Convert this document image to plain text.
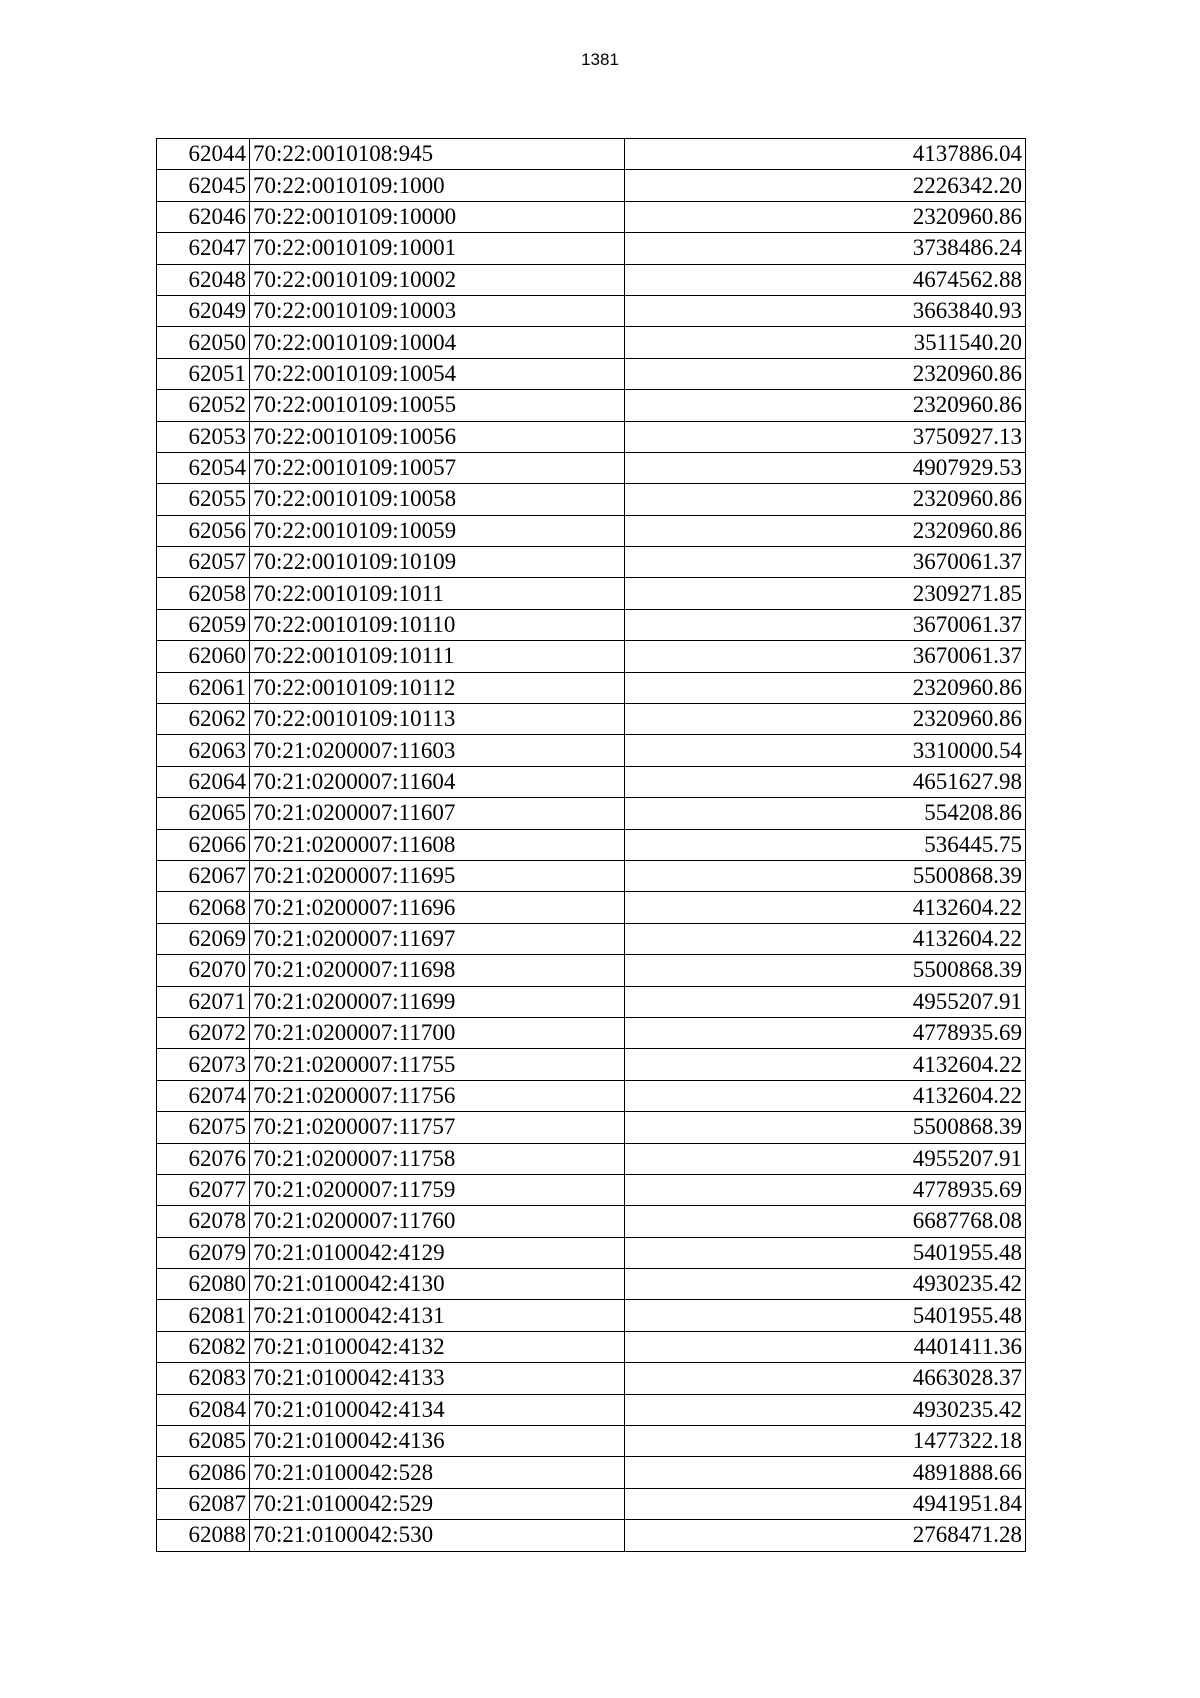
1381
62044	70:22:0010108:945	4137886.04
62045	70:22:0010109:1000	2226342.20
62046	70:22:0010109:10000	2320960.86
62047	70:22:0010109:10001	3738486.24
62048	70:22:0010109:10002	4674562.88
62049	70:22:0010109:10003	3663840.93
62050	70:22:0010109:10004	3511540.20
62051	70:22:0010109:10054	2320960.86
62052	70:22:0010109:10055	2320960.86
62053	70:22:0010109:10056	3750927.13
62054	70:22:0010109:10057	4907929.53
62055	70:22:0010109:10058	2320960.86
62056	70:22:0010109:10059	2320960.86
62057	70:22:0010109:10109	3670061.37
62058	70:22:0010109:1011	2309271.85
62059	70:22:0010109:10110	3670061.37
62060	70:22:0010109:10111	3670061.37
62061	70:22:0010109:10112	2320960.86
62062	70:22:0010109:10113	2320960.86
62063	70:21:0200007:11603	3310000.54
62064	70:21:0200007:11604	4651627.98
62065	70:21:0200007:11607	554208.86
62066	70:21:0200007:11608	536445.75
62067	70:21:0200007:11695	5500868.39
62068	70:21:0200007:11696	4132604.22
62069	70:21:0200007:11697	4132604.22
62070	70:21:0200007:11698	5500868.39
62071	70:21:0200007:11699	4955207.91
62072	70:21:0200007:11700	4778935.69
62073	70:21:0200007:11755	4132604.22
62074	70:21:0200007:11756	4132604.22
62075	70:21:0200007:11757	5500868.39
62076	70:21:0200007:11758	4955207.91
62077	70:21:0200007:11759	4778935.69
62078	70:21:0200007:11760	6687768.08
62079	70:21:0100042:4129	5401955.48
62080	70:21:0100042:4130	4930235.42
62081	70:21:0100042:4131	5401955.48
62082	70:21:0100042:4132	4401411.36
62083	70:21:0100042:4133	4663028.37
62084	70:21:0100042:4134	4930235.42
62085	70:21:0100042:4136	1477322.18
62086	70:21:0100042:528	4891888.66
62087	70:21:0100042:529	4941951.84
62088	70:21:0100042:530	2768471.28
